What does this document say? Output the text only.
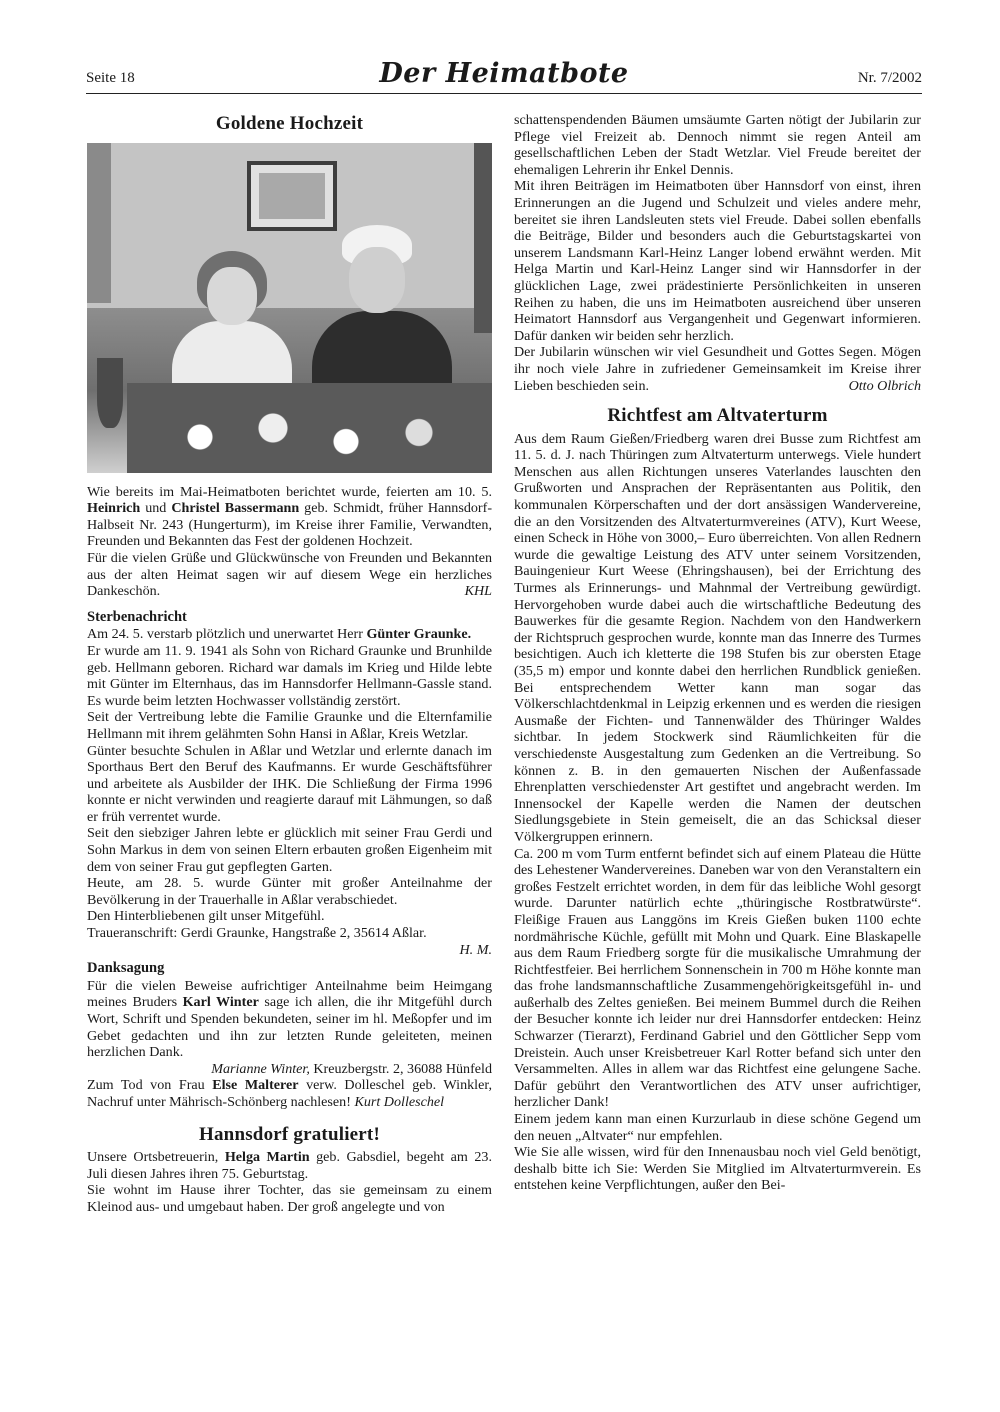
Seite 18	Der Heimatbote	Nr. 7/2002
Goldene Hochzeit

Wie bereits im Mai-Heimatboten berichtet wurde, feierten am 10. 5. Heinrich und Christel Bassermann geb. Schmidt, früher Hannsdorf-Halbseit Nr. 243 (Hungerturm), im Kreise ihrer Familie, Verwandten, Freunden und Bekannten das Fest der goldenen Hochzeit.

Für die vielen Grüße und Glückwünsche von Freunden und Bekannten aus der alten Heimat sagen wir auf diesem Wege ein herzliches Dankeschön.	KHL

Sterbenachricht

Am 24. 5. verstarb plötzlich und unerwartet Herr Günter Graunke.

Er wurde am 11. 9. 1941 als Sohn von Richard Graunke und Brunhilde geb. Hellmann geboren. Richard war damals im Krieg und Hilde lebte mit Günter im Elternhaus, das im Hannsdorfer Hellmann-Gassle stand. Es wurde beim letzten Hochwasser vollständig zerstört.

Seit der Vertreibung lebte die Familie Graunke und die Elternfamilie Hellmann mit ihrem gelähmten Sohn Hansi in Aßlar, Kreis Wetzlar.

Günter besuchte Schulen in Aßlar und Wetzlar und erlernte danach im Sporthaus Bert den Beruf des Kaufmanns. Er wurde Geschäftsführer und arbeitete als Ausbilder der IHK. Die Schließung der Firma 1996 konnte er nicht verwinden und reagierte darauf mit Lähmungen, so daß er früh verrentet wurde.

Seit den siebziger Jahren lebte er glücklich mit seiner Frau Gerdi und Sohn Markus in dem von seinen Eltern erbauten großen Eigenheim mit dem von seiner Frau gut gepflegten Garten.

Heute, am 28. 5. wurde Günter mit großer Anteilnahme der Bevölkerung in der Trauerhalle in Aßlar verabschiedet.

Den Hinterbliebenen gilt unser Mitgefühl.

Traueranschrift: Gerdi Graunke, Hangstraße 2, 35614 Aßlar.

H. M.

Danksagung

Für die vielen Beweise aufrichtiger Anteilnahme beim Heimgang meines Bruders Karl Winter sage ich allen, die ihr Mitgefühl durch Wort, Schrift und Spenden bekundeten, seiner im hl. Meßopfer und im Gebet gedachten und ihn zur letzten Runde geleiteten, meinen herzlichen Dank.

Marianne Winter, Kreuzbergstr. 2, 36088 Hünfeld

Zum Tod von Frau Else Malterer verw. Dolleschel geb. Winkler, Nachruf unter Mährisch-Schönberg nachlesen! Kurt Dolleschel

Hannsdorf gratuliert!

Unsere Ortsbetreuerin, Helga Martin geb. Gabsdiel, begeht am 23. Juli diesen Jahres ihren 75. Geburtstag.

Sie wohnt im Hause ihrer Tochter, das sie gemeinsam zu einem Kleinod aus- und umgebaut haben. Der groß angelegte und von

schattenspendenden Bäumen umsäumte Garten nötigt der Jubilarin zur Pflege viel Freizeit ab. Dennoch nimmt sie regen Anteil am gesellschaftlichen Leben der Stadt Wetzlar. Viel Freude bereitet der ehemaligen Lehrerin ihr Enkel Dennis.

Mit ihren Beiträgen im Heimatboten über Hannsdorf von einst, ihren Erinnerungen an die Jugend und Schulzeit und vieles andere mehr, bereitet sie ihren Landsleuten stets viel Freude. Dabei sollen ebenfalls die Beiträge, Bilder und besonders auch die Geburtstagskartei von unserem Landsmann Karl-Heinz Langer lobend erwähnt werden. Mit Helga Martin und Karl-Heinz Langer sind wir Hannsdorfer in der glücklichen Lage, zwei prädestinierte Persönlichkeiten in unseren Reihen zu haben, die uns im Heimatboten ausreichend über unseren Heimatort Hannsdorf aus Vergangenheit und Gegenwart informieren. Dafür danken wir beiden sehr herzlich.

Der Jubilarin wünschen wir viel Gesundheit und Gottes Segen. Mögen ihr noch viele Jahre in zufriedener Gemeinsamkeit im Kreise ihrer Lieben beschieden sein.	Otto Olbrich

Richtfest am Altvaterturm

Aus dem Raum Gießen/Friedberg waren drei Busse zum Richtfest am 11. 5. d. J. nach Thüringen zum Altvaterturm unterwegs. Viele hundert Menschen aus allen Richtungen unseres Vaterlandes lauschten den Grußworten und Ansprachen der Repräsentanten aus Politik, den kommunalen Körperschaften und der dort ansässigen Wandervereine, die an den Vorsitzenden des Altvaterturmvereines (ATV), Kurt Weese, einen Scheck in Höhe von 3000,– Euro überreichten. Von allen Rednern wurde die gewaltige Leistung des ATV unter seinem Vorsitzenden, Bauingenieur Kurt Weese (Ehringshausen), bei der Errichtung des Turmes als Erinnerungs- und Mahnmal der Vertreibung gewürdigt. Hervorgehoben wurde dabei auch die wirtschaftliche Bedeutung des Bauwerkes für die gesamte Region. Nachdem von den Handwerkern der Richtspruch gesprochen wurde, konnte man das Innerre des Turmes besichtigen. Auch ich kletterte die 198 Stufen bis zur obersten Etage (35,5 m) empor und konnte dabei den herrlichen Rundblick genießen. Bei entsprechendem Wetter kann man sogar das Völkerschlachtdenkmal in Leipzig erkennen und es werden die riesigen Ausmaße der Fichten- und Tannenwälder des Thüringer Waldes sichtbar. In jedem Stockwerk sind Räumlichkeiten für die verschiedenste Ausgestaltung zum Gedenken an die Vertreibung. So können z. B. in den gemauerten Nischen der Außenfassade Ehrenplatten verschiedenster Art gestiftet und angebracht werden. Im Innensockel der Kapelle werden die Namen der deutschen Siedlungsgebiete in Stein gemeiselt, die an das Schicksal dieser Völkergruppen erinnern.

Ca. 200 m vom Turm entfernt befindet sich auf einem Plateau die Hütte des Lehestener Wandervereines. Daneben war von den Veranstaltern ein großes Festzelt errichtet worden, in dem für das leibliche Wohl gesorgt wurde. Darunter natürlich echte „thüringische Rostbratwürste“. Fleißige Frauen aus Langgöns im Kreis Gießen buken 1100 echte nordmährische Küchle, gefüllt mit Mohn und Quark. Eine Blaskapelle aus dem Raum Friedberg sorgte für die musikalische Umrahmung der Richtfestfeier. Bei herrlichem Sonnenschein in 700 m Höhe konnte man das frohe landsmannschaftliche Zusammengehörigkeitsgefühl in- und außerhalb des Zeltes genießen. Bei meinem Bummel durch die Reihen der Besucher konnte ich leider nur drei Hannsdorfer entdecken: Heinz Schwarzer (Tierarzt), Ferdinand Gabriel und den Göttlicher Sepp vom Dreistein. Auch unser Kreisbetreuer Karl Rotter befand sich unter den Versammelten. Alles in allem war das Richtfest eine gelungene Sache. Dafür gebührt den Verantwortlichen des ATV unser aufrichtiger, herzlicher Dank!

Einem jedem kann man einen Kurzurlaub in diese schöne Gegend um den neuen „Altvater“ nur empfehlen.

Wie Sie alle wissen, wird für den Innenausbau noch viel Geld benötigt, deshalb bitte ich Sie: Werden Sie Mitglied im Altvaterturmverein. Es entstehen keine Verpflichtungen, außer den Bei-
